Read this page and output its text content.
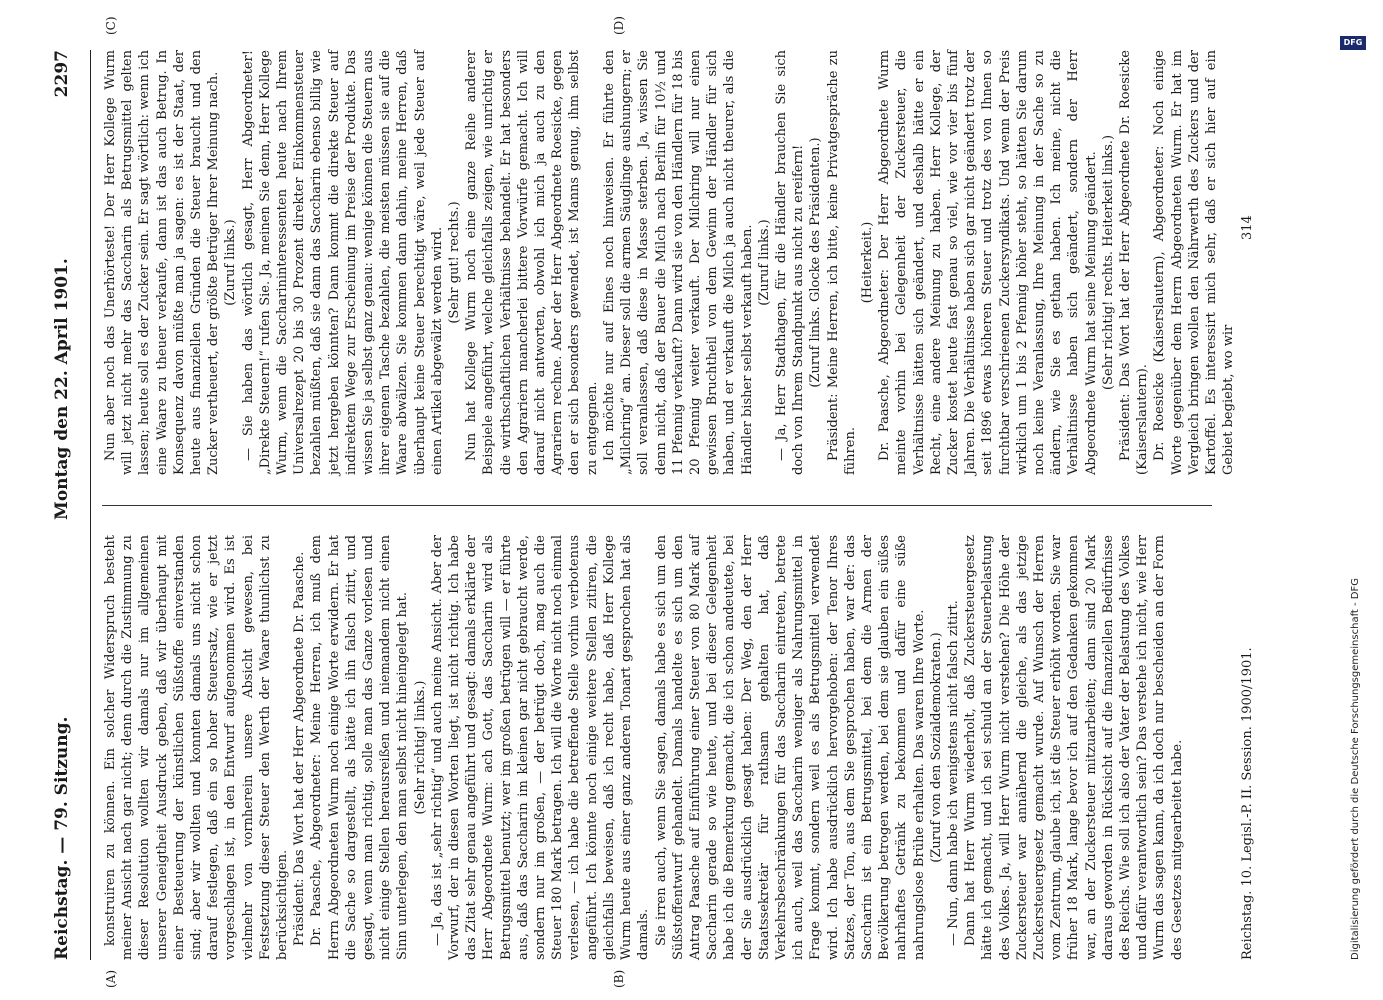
Reichstag. — 79. Sitzung.
Montag den 22. April 1901.
2297
(A)	(B)
(C)	(D)

konstruiren zu können. Ein solcher Widerspruch besteht meiner Ansicht nach gar nicht; denn durch die Zustimmung zu dieser Resolution wollten wir damals nur im allgemeinen unserer Geneigtheit Ausdruck geben, daß wir überhaupt mit einer Besteuerung der künstlichen Süßstoffe einverstanden sind; aber wir wollten und konnten damals uns nicht schon darauf festlegen, daß ein so hoher Steuersatz, wie er jetzt vorgeschlagen ist, in den Entwurf aufgenommen wird. Es ist vielmehr von vornherein unsere Absicht gewesen, bei Festsetzung dieser Steuer den Werth der Waare thunlichst zu berücksichtigen. Präsident: Das Wort hat der Herr Abgeordnete Dr. Paasche. Dr. Paasche, Abgeordneter: Meine Herren, ich muß dem Herrn Abgeordneten Wurm noch einige Worte erwidern. Er hat die Sache so dargestellt, als hätte ich ihn falsch zitirt, und gesagt, wenn man richtig, solle man das Ganze vorlesen und nicht einige Stellen herausreißen und niemandem nicht einen Sinn unterlegen, den man selbst nicht hineingelegt hat. (Sehr richtig! links.) — Ja, das ist „sehr richtig“ und auch meine Ansicht. Aber der Vorwurf, der in diesen Worten liegt, ist nicht richtig. Ich habe das Zitat sehr genau angeführt und gesagt: damals erklärte der Herr Abgeordnete Wurm: ach Gott, das Saccharin wird als Betrugsmittel benutzt; wer im großen betrügen will — er führte aus, daß das Saccharin im kleinen gar nicht gebraucht werde, sondern nur im großen, — der betrügt doch, mag auch die Steuer 180 Mark betragen. Ich will die Worte nicht noch einmal verlesen, — ich habe die betreffende Stelle vorhin verbotenus angeführt. Ich könnte noch einige weitere Stellen zitiren, die gleichfalls beweisen, daß ich recht habe, daß Herr Kollege Wurm heute aus einer ganz anderen Tonart gesprochen hat als damals. Sie irren auch, wenn Sie sagen, damals habe es sich um den Süßstoffentwurf gehandelt. Damals handelte es sich um den Antrag Paasche auf Einführung einer Steuer von 80 Mark auf Saccharin gerade so wie heute, und bei dieser Gelegenheit habe ich die Bemerkung gemacht, die ich schon andeutete, bei der Sie ausdrücklich gesagt haben: Der Weg, den der Herr Staatssekretär für rathsam gehalten hat, daß Verkehrsbeschränkungen für das Saccharin eintreten, betrete ich auch, weil das Saccharin weniger als Nahrungsmittel in Frage kommt, sondern weil es als Betrugsmittel verwendet wird. Ich habe ausdrücklich hervorgehoben: der Tenor Ihres Satzes, der Ton, aus dem Sie gesprochen haben, war der: das Saccharin ist ein Betrugsmittel, bei dem die Armen der Bevölkerung betrogen werden, bei dem sie glauben ein süßes nahrhaftes Getränk zu bekommen und dafür eine süße nahrungslose Brühe erhalten. Das waren Ihre Worte. (Zuruf von den Sozialdemokraten.) — Nun, dann habe ich wenigstens nicht falsch zitirt. Dann hat Herr Wurm wiederholt, daß Zuckersteuergesetz hätte ich gemacht, und ich sei schuld an der Steuerbelastung des Volkes. Ja, will Herr Wurm nicht verstehen? Die Höhe der Zuckersteuer war annähernd die gleiche, als das jetzige Zuckersteuergesetz gemacht wurde. Auf Wunsch der Herren vom Zentrum, glaube ich, ist die Steuer erhöht worden. Sie war früher 18 Mark, lange bevor ich auf den Gedanken gekommen war, an der Zuckersteuer mitzuarbeiten; dann sind 20 Mark daraus geworden in Rücksicht auf die finanziellen Bedürfnisse des Reichs. Wie soll ich also der Vater der Belastung des Volkes und dafür verantwortlich sein? Das verstehe ich nicht, wie Herr Wurm das sagen kann, da ich doch nur bescheiden an der Form des Gesetzes mitgearbeitet habe.

Nun aber noch das Unerhörteste! Der Herr Kollege Wurm will jetzt nicht mehr das Saccharin als Betrugsmittel gelten lassen; heute soll es der Zucker sein. Er sagt wörtlich: wenn ich eine Waare zu theuer verkaufe, dann ist das auch Betrug. In Konsequenz davon müßte man ja sagen: es ist der Staat, der heute aus finanziellen Gründen die Steuer braucht und den Zucker vertheuert, der größte Betrüger Ihrer Meinung nach. (Zuruf links.) — Sie haben das wörtlich gesagt, Herr Abgeordneter! „Direkte Steuern!“ rufen Sie. Ja, meinen Sie denn, Herr Kollege Wurm, wenn die Saccharininteressenten heute nach Ihrem Universalrezept 20 bis 30 Prozent direkter Einkommensteuer bezahlen müßten, daß sie dann das Saccharin ebenso billig wie jetzt hergeben könnten? Dann kommt die direkte Steuer auf indirektem Wege zur Erscheinung im Preise der Produkte. Das wissen Sie ja selbst ganz genau: wenige können die Steuern aus ihrer eigenen Tasche bezahlen, die meisten müssen sie auf die Waare abwälzen. Sie kommen dann dahin, meine Herren, daß überhaupt keine Steuer berechtigt wäre, weil jede Steuer auf einen Artikel abgewälzt werden wird. (Sehr gut! rechts.) Nun hat Kollege Wurm noch eine ganze Reihe anderer Beispiele angeführt, welche gleichfalls zeigen, wie unrichtig er die wirthschaftlichen Verhältnisse behandelt. Er hat besonders den Agrariern mancherlei bittere Vorwürfe gemacht. Ich will darauf nicht antworten, obwohl ich mich ja auch zu den Agrariern rechne. Aber der Herr Abgeordnete Roesicke, gegen den er sich besonders gewendet, ist Manns genug, ihm selbst zu entgegnen. Ich möchte nur auf Eines noch hinweisen. Er führte den „Milchring“ an. Dieser soll die armen Säuglinge aushungern; er soll veranlassen, daß diese in Masse sterben. Ja, wissen Sie denn nicht, daß der Bauer die Milch nach Berlin für 10½ und 11 Pfennig verkauft? Dann wird sie von den Händlern für 18 bis 20 Pfennig weiter verkauft. Der Milchring will nur einen gewissen Bruchtheil von dem Gewinn der Händler für sich haben, und er verkauft die Milch ja auch nicht theurer, als die Händler bisher selbst verkauft haben. (Zuruf links.) — Ja, Herr Stadthagen, für die Händler brauchen Sie sich doch von Ihrem Standpunkt aus nicht zu ereifern! (Zuruf links. Glocke des Präsidenten.) Präsident: Meine Herren, ich bitte, keine Privatgespräche zu führen.

(Heiterkeit.) Dr. Paasche, Abgeordneter: Der Herr Abgeordnete Wurm meinte vorhin bei Gelegenheit der Zuckersteuer, die Verhältnisse hätten sich geändert, und deshalb hätte er ein Recht, eine andere Meinung zu haben. Herr Kollege, der Zucker kostet heute fast genau so viel, wie vor vier bis fünf Jahren. Die Verhältnisse haben sich gar nicht geändert trotz der seit 1896 etwas höheren Steuer und trotz des von Ihnen so furchtbar verschrieenen Zuckersyndikats. Und wenn der Preis wirklich um 1 bis 2 Pfennig höher steht, so hätten Sie darum noch keine Veranlassung, Ihre Meinung in der Sache so zu ändern, wie Sie es gethan haben. Ich meine, nicht die Verhältnisse haben sich geändert, sondern der Herr Abgeordnete Wurm hat seine Meinung geändert. (Sehr richtig! rechts. Heiterkeit links.) Präsident: Das Wort hat der Herr Abgeordnete Dr. Roesicke (Kaiserslautern). Dr. Roesicke (Kaiserslautern), Abgeordneter: Noch einige Worte gegenüber dem Herrn Abgeordneten Wurm. Er hat im Vergleich bringen wollen den Nährwerth des Zuckers und der Kartoffel. Es interessirt mich sehr, daß er sich hier auf ein Gebiet begiebt, wo wir

Reichstag. 10. Legisl.-P. II. Session. 1900/1901.
314
DFG
Digitalisierung gefördert durch die Deutsche Forschungsgemeinschaft - DFG
